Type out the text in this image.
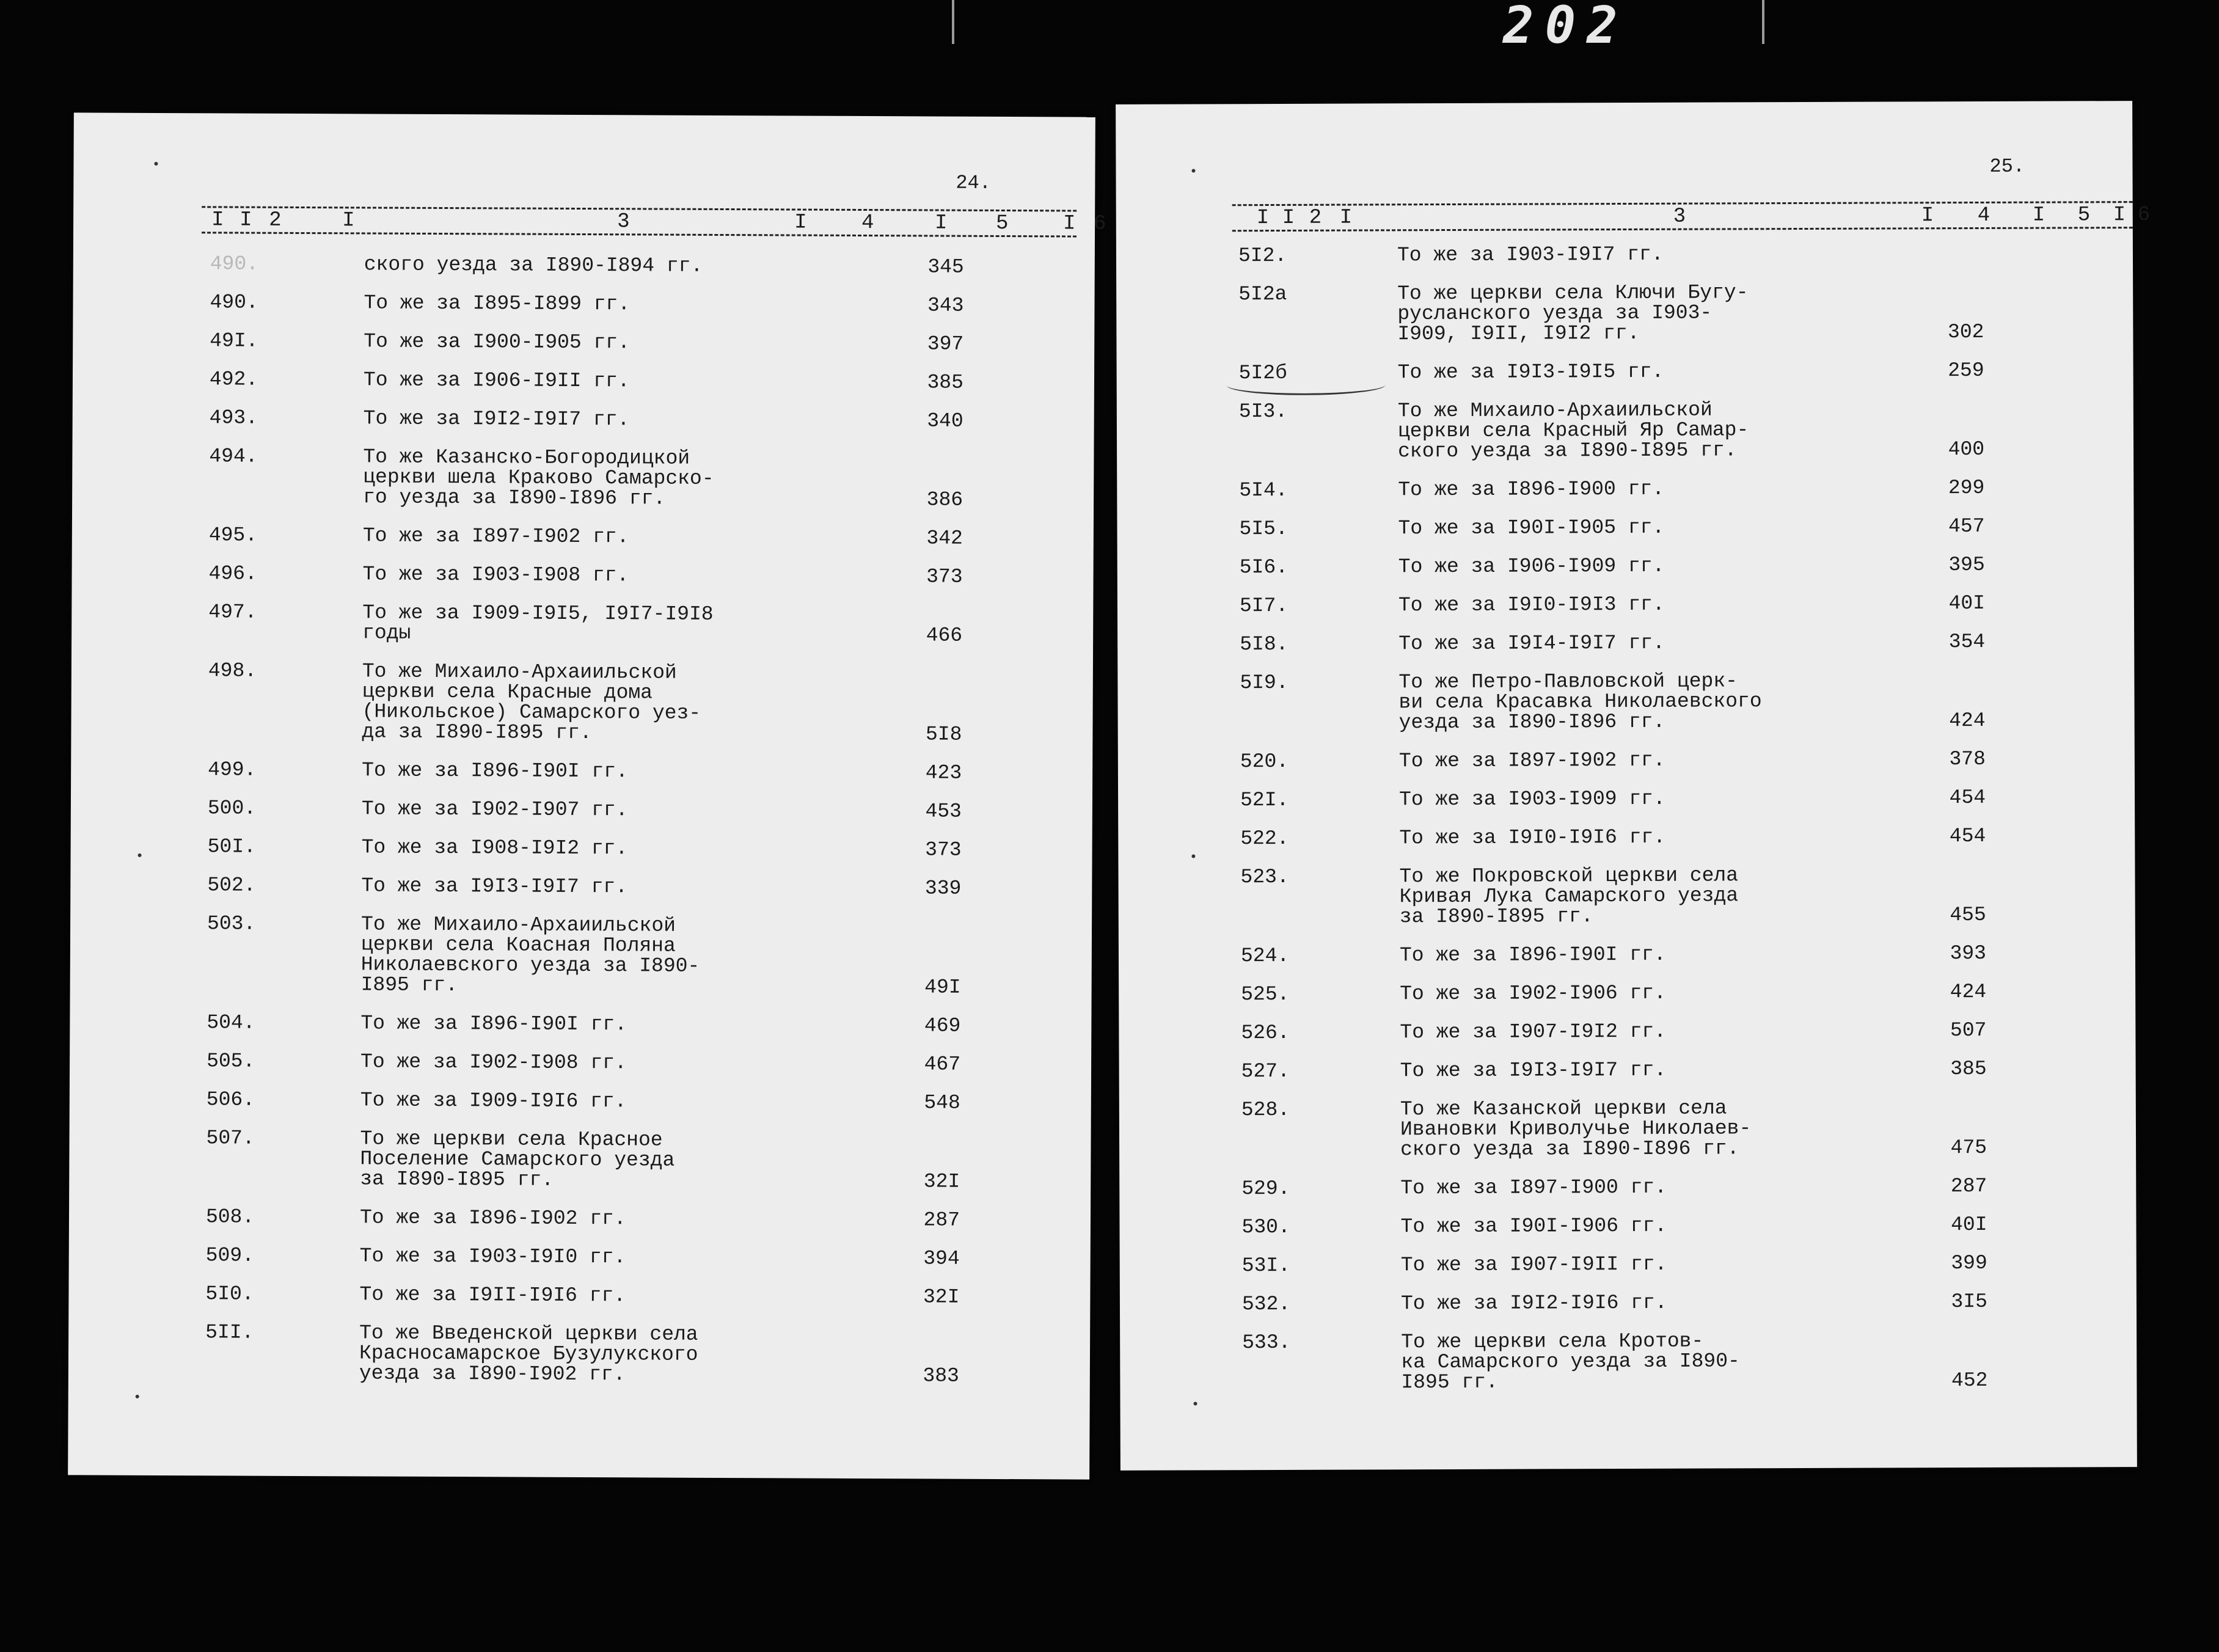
202
24.
I I 2	I	3	I	4	I 5	I 6
490.	ского уезда за I890-I894 гг.	345
490.	То же за I895-I899 гг.	343
49I.	То же за I900-I905 гг.	397
492.	То же за I906-I9II гг.	385
493.	То же за I9I2-I9I7 гг.	340
494.	То же Казанско-Богородицкой
церкви шела Краково Самарско-
го уезда за I890-I896 гг.	386
495.	То же за I897-I902 гг.	342
496.	То же за I903-I908 гг.	373
497.	То же за I909-I9I5, I9I7-I9I8
годы	466
498.	То же Михаило-Архаиильской
церкви села Красные дома
(Никольское) Самарского уез-
да за I890-I895 гг.	5I8
499.	То же за I896-I90I гг.	423
500.	То же за I902-I907 гг.	453
50I.	То же за I908-I9I2 гг.	373
502.	То же за I9I3-I9I7 гг.	339
503.	То же Михаило-Архаиильской
церкви села Коасная Поляна
Николаевского уезда за I890-
I895 гг.	49I
504.	То же за I896-I90I гг.	469
505.	То же за I902-I908 гг.	467
506.	То же за I909-I9I6 гг.	548
507.	То же церкви села Красное
Поселение Самарского уезда
за I890-I895 гг.	32I
508.	То же за I896-I902 гг.	287
509.	То же за I903-I9I0 гг.	394
5I0.	То же за I9II-I9I6 гг.	32I
5II.	То же Введенской церкви села
Красносамарское Бузулукского
уезда за I890-I902 гг.	383
25.
I I 2 I	3	I 4 I 5 I 6
5I2.	То же за I903-I9I7 гг.
5I2а	То же церкви села Ключи Бугу-
русланского уезда за I903-
I909, I9II, I9I2 гг.	302
5I2б	То же за I9I3-I9I5 гг.	259
5I3.	То же Михаило-Архаиильской
церкви села Красный Яр Самар-
ского уезда за I890-I895 гг.	400
5I4.	То же за I896-I900 гг.	299
5I5.	То же за I90I-I905 гг.	457
5I6.	То же за I906-I909 гг.	395
5I7.	То же за I9I0-I9I3 гг.	40I
5I8.	То же за I9I4-I9I7 гг.	354
5I9.	То же Петро-Павловской церк-
ви села Красавка Николаевского
уезда за I890-I896 гг.	424
520.	То же за I897-I902 гг.	378
52I.	То же за I903-I909 гг.	454
522.	То же за I9I0-I9I6 гг.	454
523.	То же Покровской церкви села
Кривая Лука Самарского уезда
за I890-I895 гг.	455
524.	То же за I896-I90I гг.	393
525.	То же за I902-I906 гг.	424
526.	То же за I907-I9I2 гг.	507
527.	То же за I9I3-I9I7 гг.	385
528.	То же Казанской церкви села
Ивановки Криволучье Николаев-
ского уезда за I890-I896 гг.	475
529.	То же за I897-I900 гг.	287
530.	То же за I90I-I906 гг.	40I
53I.	То же за I907-I9II гг.	399
532.	То же за I9I2-I9I6 гг.	3I5
533.	То же церкви села Кротов-
ка Самарского уезда за I890-
I895 гг.	452
